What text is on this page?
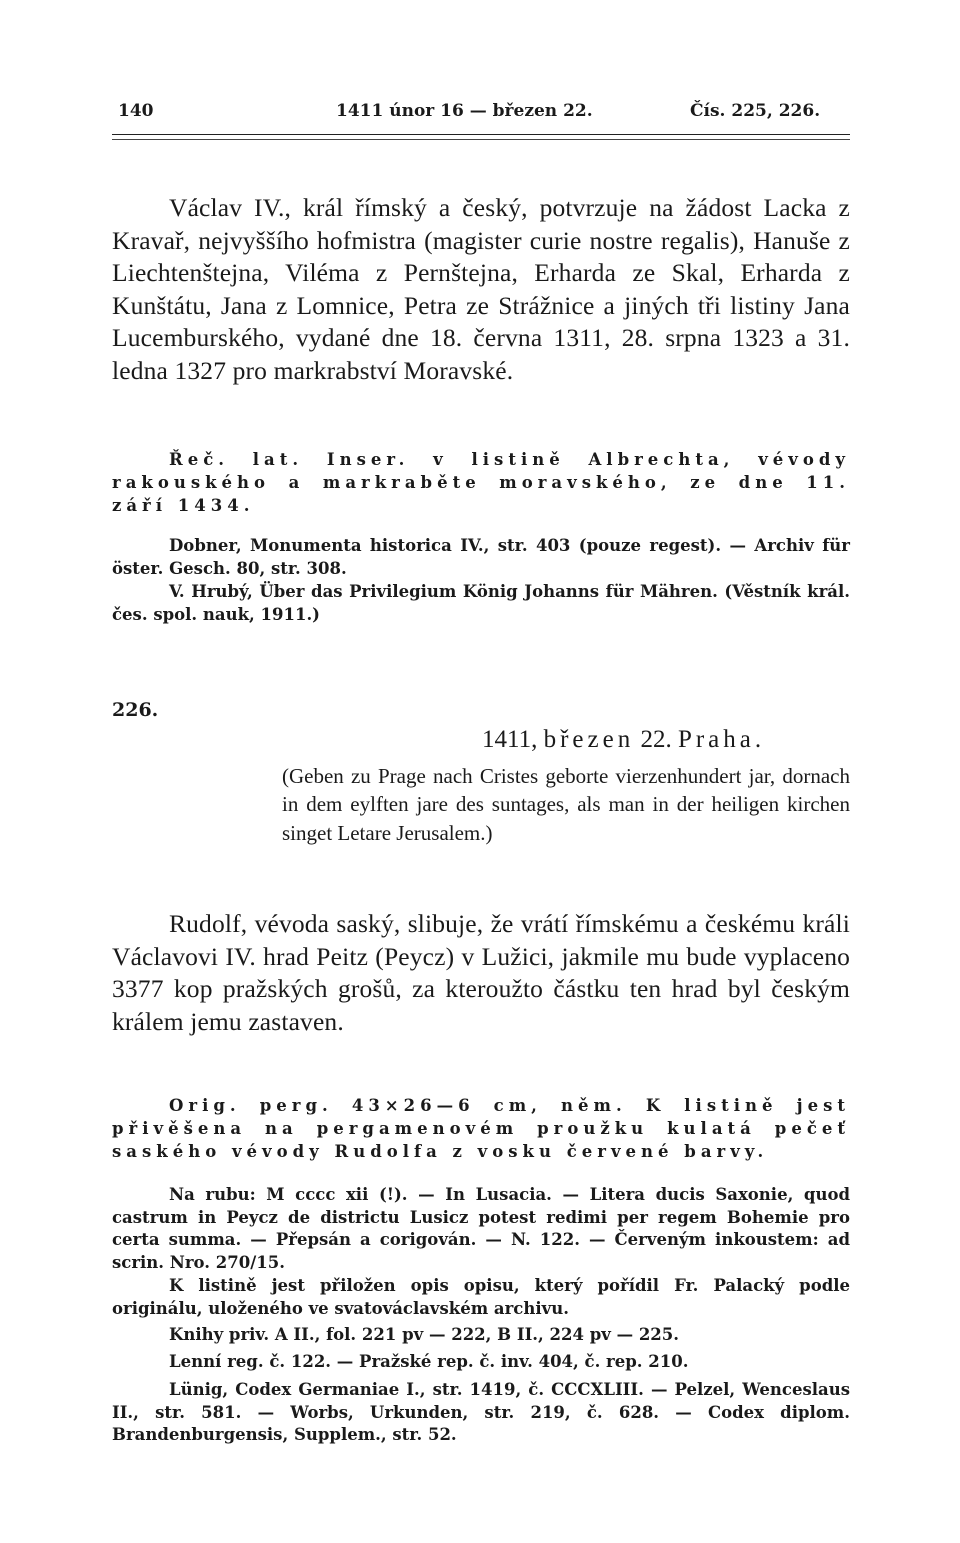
140	1411 únor 16 — březen 22.	Čís. 225, 226.

Václav IV., král římský a český, potvrzuje na žádost Lacka z Kravař, nejvyššího hofmistra (magister curie nostre regalis), Hanuše z Liechtenštejna, Viléma z Pernštejna, Erharda ze Skal, Erharda z Kunštátu, Jana z Lomnice, Petra ze Strážnice a jiných tři listiny Jana Lucemburského, vydané dne 18. června 1311, 28. srpna 1323 a 31. ledna 1327 pro markrabství Moravské.

Řeč. lat. Inser. v listině Albrechta, vévody rakouského a markraběte moravského, ze dne 11. září 1434.

Dobner, Monumenta historica IV., str. 403 (pouze regest). — Archiv für öster. Gesch. 80, str. 308.

V. Hrubý, Über das Privilegium König Johanns für Mähren. (Věstník král. čes. spol. nauk, 1911.)

226.
1411, březen 22. Praha.

(Geben zu Prage nach Cristes geborte vierzenhundert jar, dornach in dem eylften jare des suntages, als man in der heiligen kirchen singet Letare Jerusalem.)

Rudolf, vévoda saský, slibuje, že vrátí římskému a českému králi Václavovi IV. hrad Peitz (Peycz) v Lužici, jakmile mu bude vyplaceno 3377 kop pražských grošů, za kteroužto částku ten hrad byl českým králem jemu zastaven.

Orig. perg. 43×26—6 cm, něm. K listině jest přivěšena na pergamenovém proužku kulatá pečeť saského vévody Rudolfa z vosku červené barvy.

Na rubu: M cccc xii (!). — In Lusacia. — Litera ducis Saxonie, quod castrum in Peycz de districtu Lusicz potest redimi per regem Bohemie pro certa summa. — Přepsán a corigován. — N. 122. — Červeným inkoustem: ad scrin. Nro. 270/15.

K listině jest přiložen opis opisu, který pořídil Fr. Palacký podle originálu, uloženého ve svatováclavském archivu.

Knihy priv. A II., fol. 221 pv — 222, B II., 224 pv — 225.

Lenní reg. č. 122. — Pražské rep. č. inv. 404, č. rep. 210.

Lünig, Codex Germaniae I., str. 1419, č. CCCXLIII. — Pelzel, Wenceslaus II., str. 581. — Worbs, Urkunden, str. 219, č. 628. — Codex diplom. Brandenburgensis, Supplem., str. 52.
